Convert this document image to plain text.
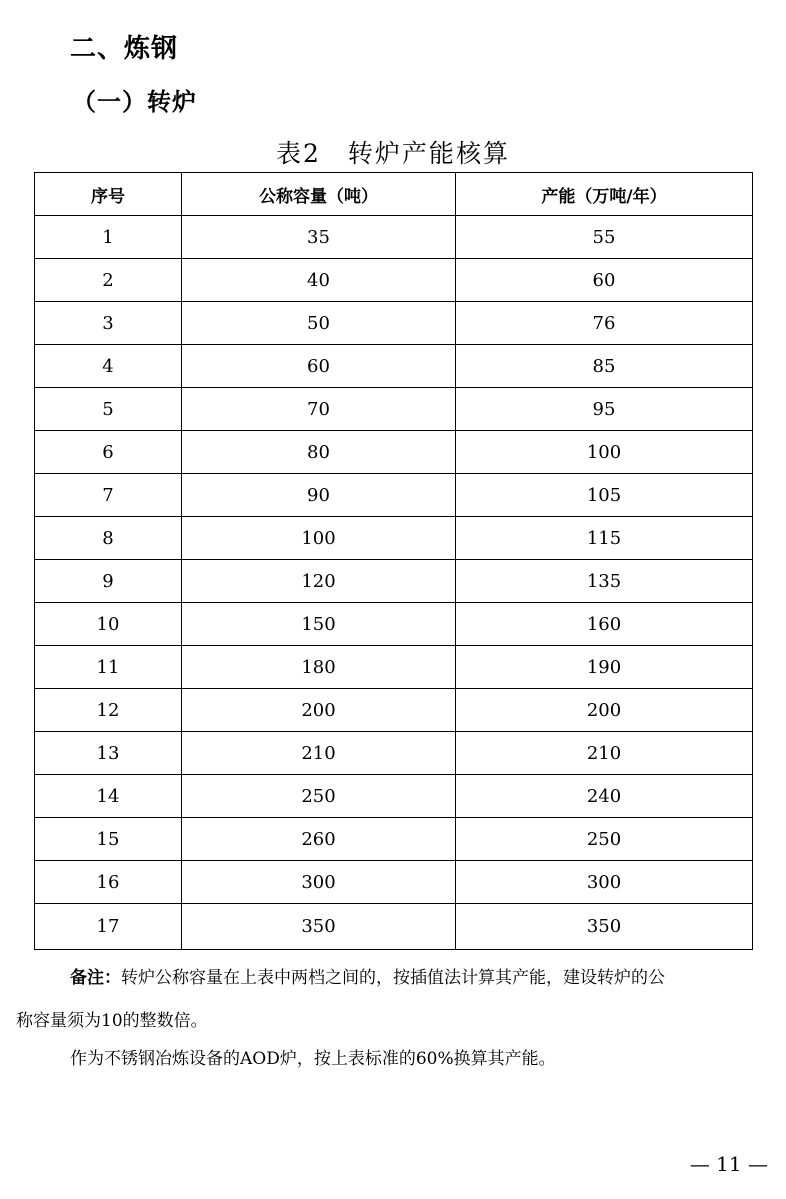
二、炼钢
（一）转炉
表2　转炉产能核算
序号	公称容量（吨）	产能（万吨/年）
1	35	55
2	40	60
3	50	76
4	60	85
5	70	95
6	80	100
7	90	105
8	100	115
9	120	135
10	150	160
11	180	190
12	200	200
13	210	210
14	250	240
15	260	250
16	300	300
17	350	350
备注：转炉公称容量在上表中两档之间的，按插值法计算其产能，建设转炉的公
称容量须为10的整数倍。
作为不锈钢冶炼设备的AOD炉，按上表标准的60%换算其产能。
— 11 —
